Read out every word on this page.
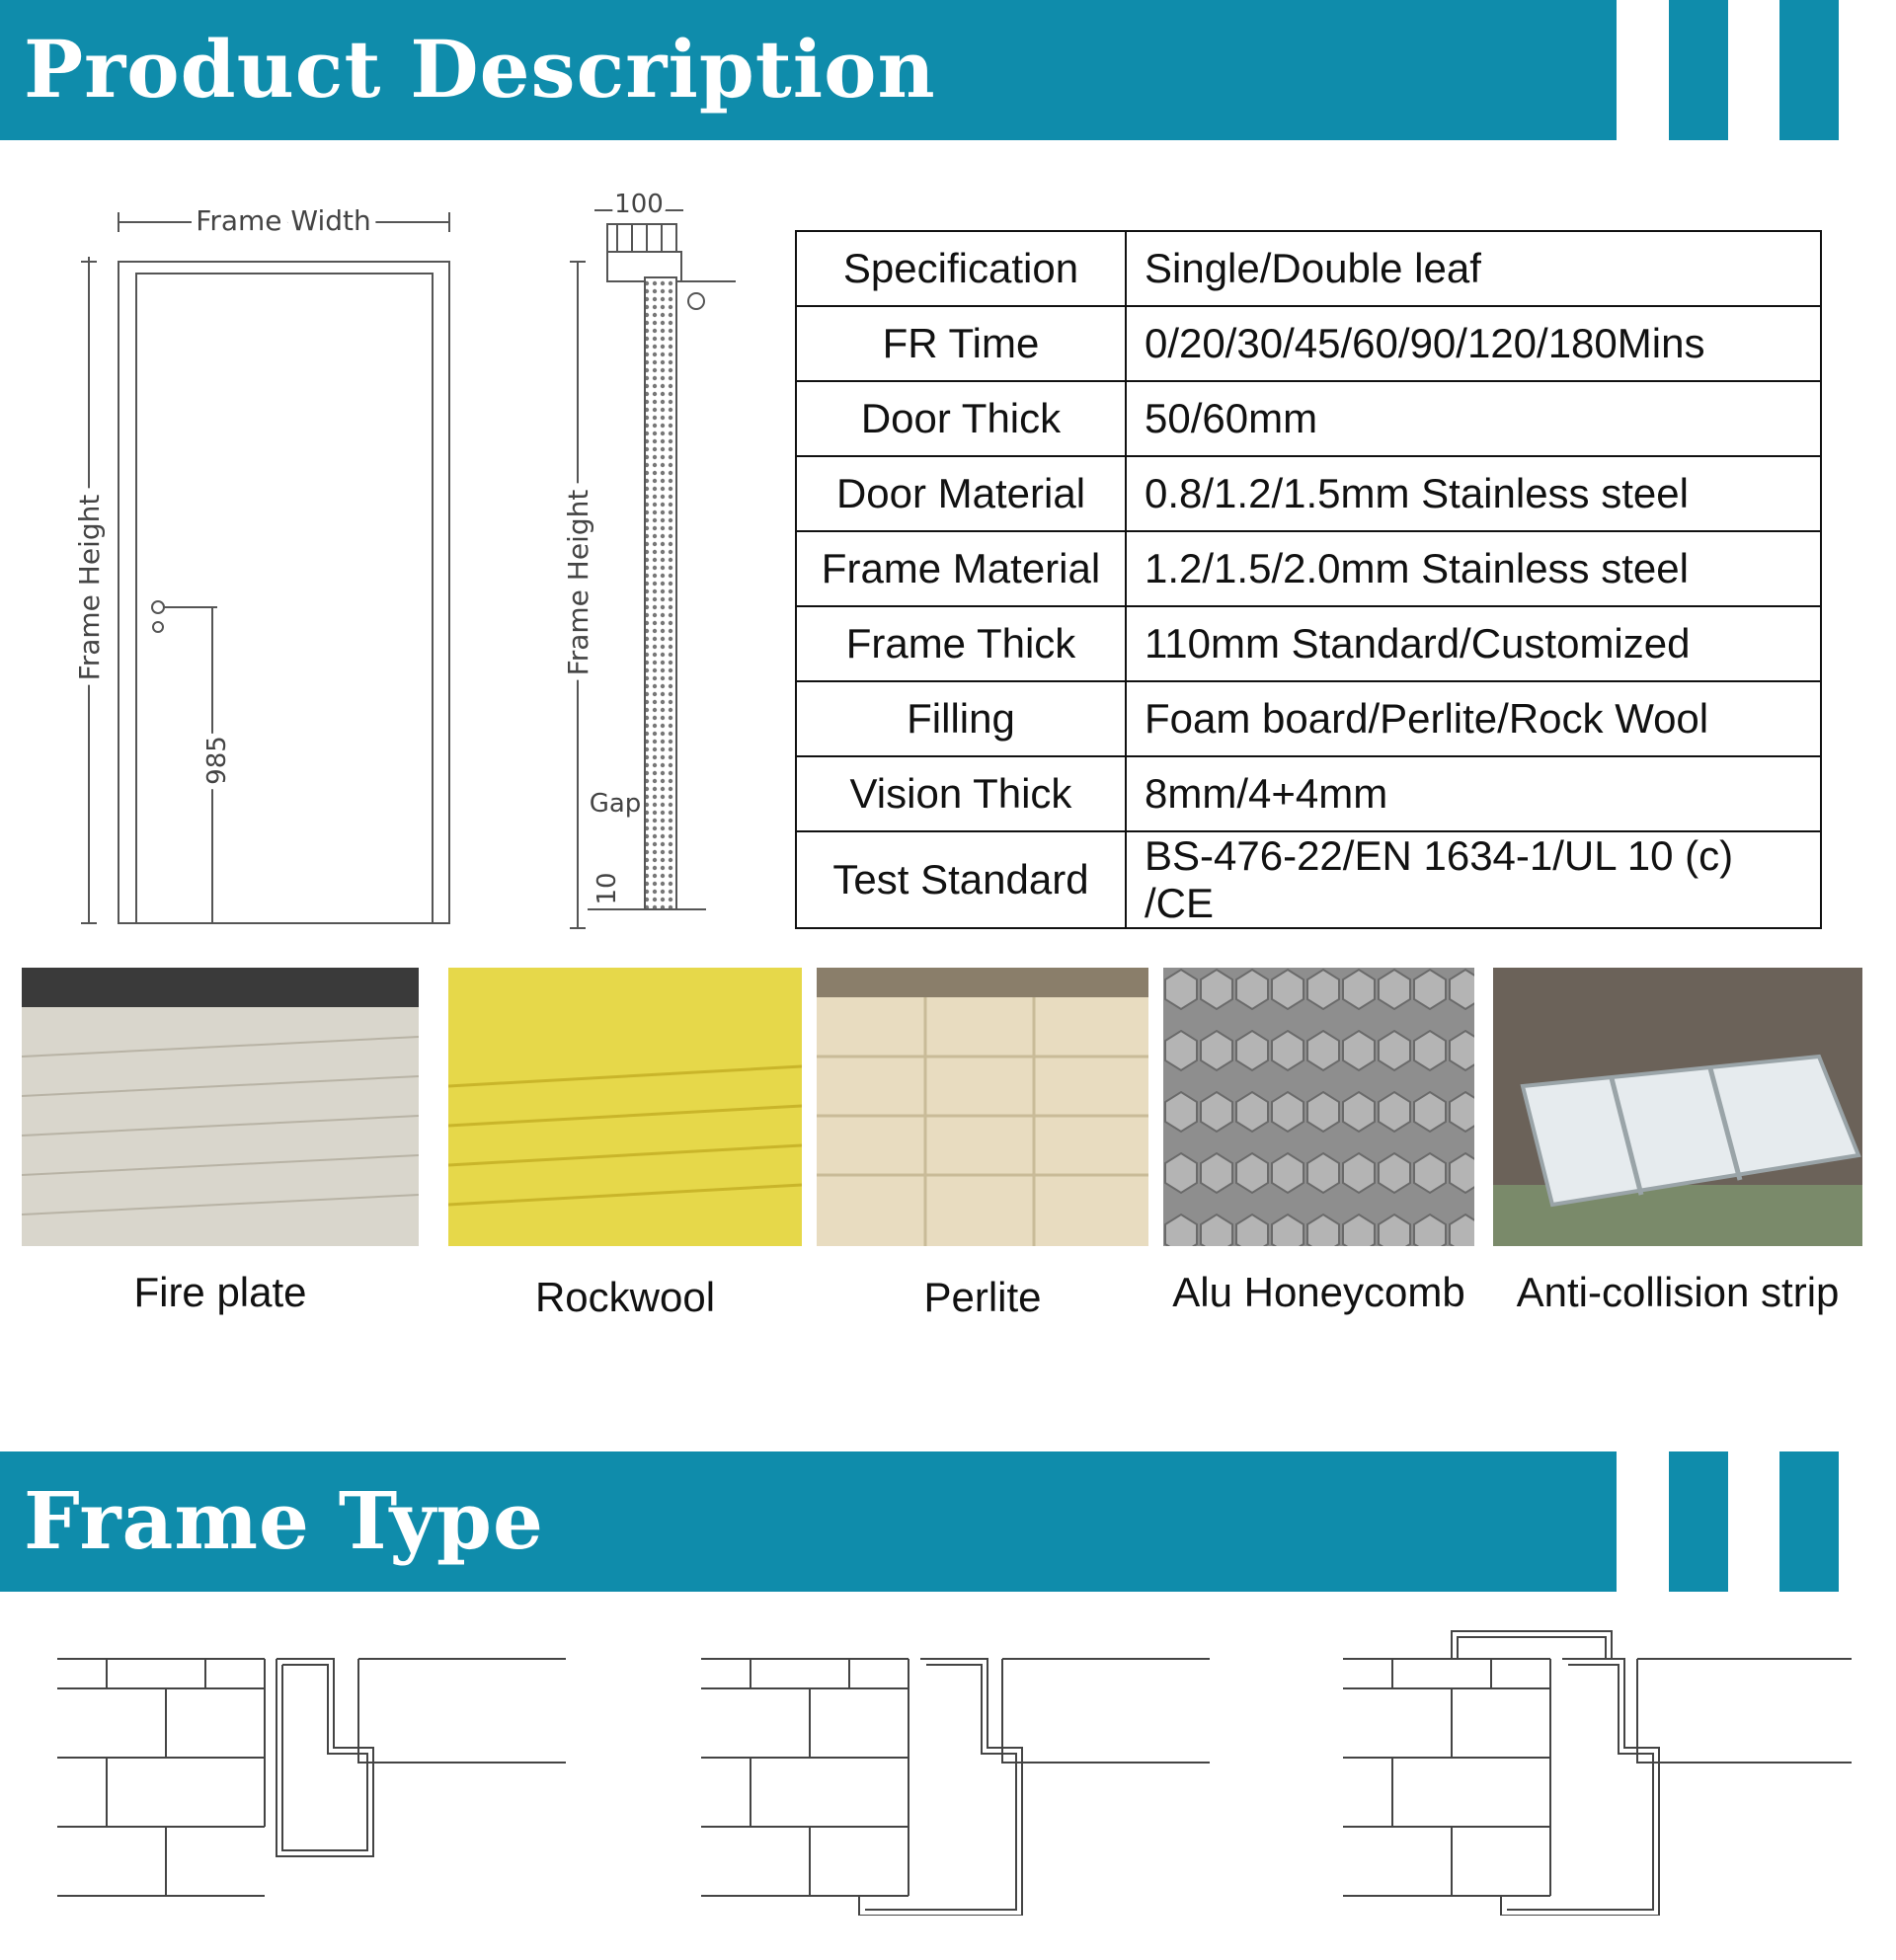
Product Description
Frame Width
Frame Height
985
100
Frame Height
Gap
10
Specification	Single/Double leaf
FR Time	0/20/30/45/60/90/120/180Mins
Door Thick	50/60mm
Door Material	0.8/1.2/1.5mm Stainless steel
Frame Material	1.2/1.5/2.0mm Stainless steel
Frame Thick	110mm Standard/Customized
Filling	Foam board/Perlite/Rock Wool
Vision Thick	8mm/4+4mm
Test Standard	BS-476-22/EN 1634-1/UL 10 (c) /CE
Fire plate	Rockwool	Perlite	Alu Honeycomb	Anti-collision strip
Frame Type
